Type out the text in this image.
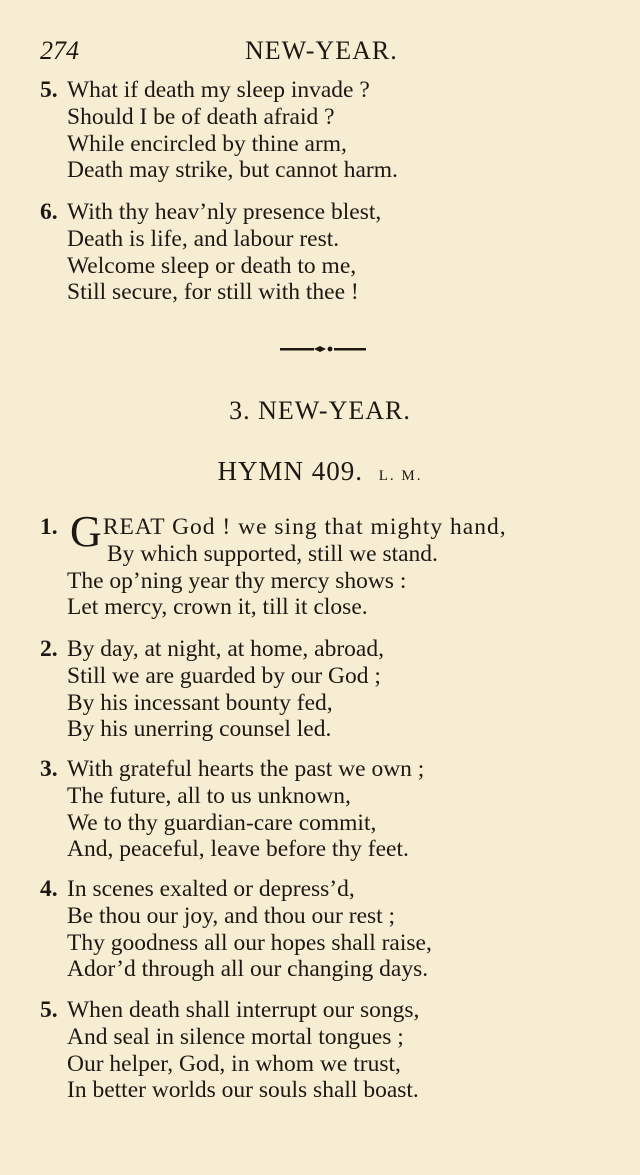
274	NEW-YEAR.
5. What if death my sleep invade ?
Should I be of death afraid ?
While encircled by thine arm,
Death may strike, but cannot harm.
6. With thy heav’nly presence blest,
Death is life, and labour rest.
Welcome sleep or death to me,
Still secure, for still with thee !
3. NEW-YEAR.
HYMN 409. L. M.
1. G REAT God ! we sing that mighty hand,
By which supported, still we stand.
The op’ning year thy mercy shows :
Let mercy, crown it, till it close.
2. By day, at night, at home, abroad,
Still we are guarded by our God ;
By his incessant bounty fed,
By his unerring counsel led.
3. With grateful hearts the past we own ;
The future, all to us unknown,
We to thy guardian-care commit,
And, peaceful, leave before thy feet.
4. In scenes exalted or depress’d,
Be thou our joy, and thou our rest ;
Thy goodness all our hopes shall raise,
Ador’d through all our changing days.
5. When death shall interrupt our songs,
And seal in silence mortal tongues ;
Our helper, God, in whom we trust,
In better worlds our souls shall boast.
